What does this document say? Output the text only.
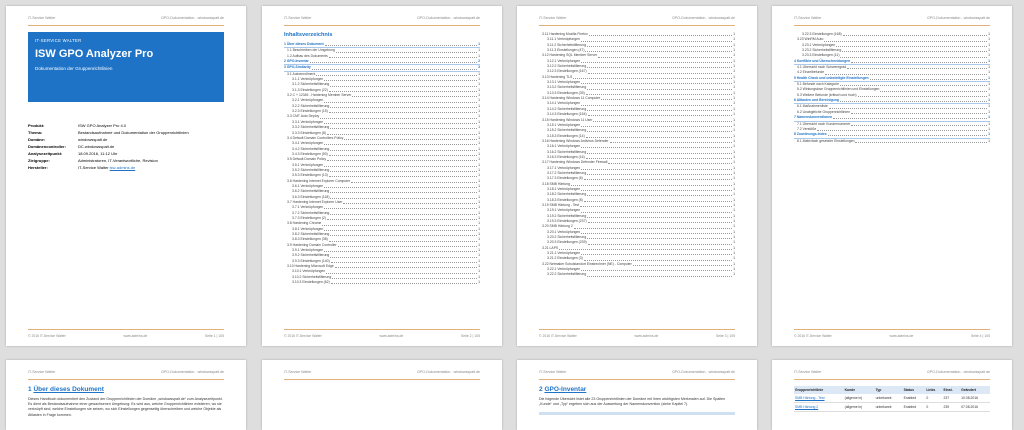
IT-Service Walter	GPO-Dokumentation - windowsspalt.de
IT-SERVICE WALTER
ISW GPO Analyzer Pro
Dokumentation der Gruppenrichtlinien
Produkt:	ISW GPO Analyzer Pro 4.0
Thema:	Bestandsaufnahme und Dokumentation der Gruppenrichtlinien
Domäne:	windowsspalt.de
Domänencontroller:	DC.windowsspalt.de
Analysezeitpunkt:	18.09.2016, 11:12 Uhr
Zielgruppe:	Administratoren, IT-Verantwortliche, Revision
Hersteller:	IT-Service Walter isw-admins.de
© 2016 IT-Service Walter	www.admins.de	Seite 1 | 105
IT-Service Walter	GPO-Dokumentation - windowsspalt.de
Inhaltsverzeichnis
1 Über dieses Dokument	1
1.1 Beschreiben der Umgebung	1
1.2 Aufbau des Dokuments	1
2 GPO-Inventar	2
3 GPO-Similarity	3
3.1 Autoenrollment	1
3.1.1 Verknüpfungen	1
3.1.2 Sicherheitsfilterung	1
3.1.3 Einstellungen (22)	1
3.2 C + 12345 - Hardening Member Server	1
3.2.1 Verknüpfungen	1
3.2.2 Sicherheitsfilterung	1
3.2.3 Einstellungen (15)	1
3.3 CMT Auto Deploy	1
3.3.1 Verknüpfungen	1
3.3.2 Sicherheitsfilterung	1
3.3.3 Einstellungen (8)	1
3.4 Default Domain Controllers Policy	1
3.4.1 Verknüpfungen	1
3.4.2 Sicherheitsfilterung	1
3.4.3 Einstellungen (50)	1
3.5 Default Domain Policy	1
3.5.1 Verknüpfungen	1
3.5.2 Sicherheitsfilterung	1
3.5.3 Einstellungen (13)	1
3.6 Hardening Internet Explorer Computer	1
3.6.1 Verknüpfungen	1
3.6.2 Sicherheitsfilterung	1
3.6.3 Einstellungen (118)	1
3.7 Hardening Internet Explorer User	1
3.7.1 Verknüpfungen	1
3.7.2 Sicherheitsfilterung	1
3.7.3 Einstellungen (2)	1
3.8 Hardening Chrome	1
3.8.1 Verknüpfungen	1
3.8.2 Sicherheitsfilterung	1
3.8.3 Einstellungen (38)	1
3.9 Hardening Domain Controller	1
3.9.1 Verknüpfungen	1
3.9.2 Sicherheitsfilterung	1
3.9.3 Einstellungen (140)	1
3.10 Hardening Microsoft Edge	1
3.10.1 Verknüpfungen	1
3.10.2 Sicherheitsfilterung	1
3.10.3 Einstellungen (62)	1
© 2016 IT-Service Walter	www.admins.de	Seite 2 | 105
IT-Service Walter	GPO-Dokumentation - windowsspalt.de
3.11 Hardening Mozilla Firefox	1
3.11.1 Verknüpfungen	1
3.11.2 Sicherheitsfilterung	1
3.11.3 Einstellungen (47)	1
3.12 Hardening SQL Member Server	1
3.12.1 Verknüpfungen	1
3.12.2 Sicherheitsfilterung	1
3.12.3 Einstellungen (167)	1
3.13 Hardening TLS	1
3.13.1 Verknüpfungen	1
3.13.2 Sicherheitsfilterung	1
3.13.3 Einstellungen (39)	1
3.14 Hardening Windows 11 Computer	1
3.14.1 Verknüpfungen	1
3.14.2 Sicherheitsfilterung	1
3.14.3 Einstellungen (154)	1
3.15 Hardening Windows 11 User	1
3.15.1 Verknüpfungen	1
3.15.2 Sicherheitsfilterung	1
3.15.3 Einstellungen (14)	1
3.16 Hardening Windows Antivirus Defender	1
3.16.1 Verknüpfungen	1
3.16.2 Sicherheitsfilterung	1
3.16.3 Einstellungen (16)	1
3.17 Hardening Windows Defender Firewall	1
3.17.1 Verknüpfungen	1
3.17.2 Sicherheitsfilterung	1
3.17.3 Einstellungen (6)	1
3.18 SMB Härtung	1
3.18.1 Verknüpfungen	1
3.18.2 Sicherheitsfilterung	1
3.18.3 Einstellungen (8)	1
3.19 SMB Härtung - Test	1
3.19.1 Verknüpfungen	1
3.19.2 Sicherheitsfilterung	1
3.19.3 Einstellungen (237)	1
3.20 SMB Härtung 2	1
3.20.1 Verknüpfungen	1
3.20.2 Sicherheitsfilterung	1
3.20.3 Einstellungen (239)	1
3.21 LAPS	1
3.21.1 Verknüpfungen	1
3.21.2 Einstellungen (3)	1
3.22 Netmaker Schulstandort Einstrechner (NE) - Computer	1
3.22.1 Verknüpfungen	1
3.22.2 Sicherheitsfilterung	1
© 2016 IT-Service Walter	www.admins.de	Seite 3 | 105
IT-Service Walter	GPO-Dokumentation - windowsspalt.de
3.22.3 Einstellungen (168)	1
3.23 WinRM Auto	1
3.23.1 Verknüpfungen	1
3.23.2 Sicherheitsfilterung	1
3.23.3 Einstellungen (11)	1
4 Konflikte und Überschneidungen	1
4.1 Übersicht nach Schweregrad	1
4.2 Einzelbefunde	1
5 Health Check und unbeteiligte Einstellungen	1
5.1 Befunde nach Kategorie	1
5.2 Wirkungslose Gruppenrichtlinien und Einstellungen	1
5.3 Weitere Befunde (kritisch und hoch)	1
6 Altlasten und Bereinigung	1
6.1 Maßnahmenliste	1
6.2 Unabgleiche Gruppenrichtlinien	1
7 Namenskonventionen	1
7.1 Übersicht nach Kundennummer	1
7.2 Verstöße	1
8 Zuordnungs-Index	1
8.1 Matrixfach gesetzter Einstellungen	1
© 2016 IT-Service Walter	www.admins.de	Seite 4 | 105
IT-Service Walter	GPO-Dokumentation - windowsspalt.de
1 Über dieses Dokument
Dieses Handbuch dokumentiert den Zustand der Gruppenrichtlinien der Domäne „windowsspalt.de“ zum Analysezeitpunkt. Es dient als Bestandsaufnahme einer gewachsenen Umgebung: Es wird aus, welche Gruppenrichtlinien existieren, wo sie verknüpft sind, welche Einstellungen sie setzen, wo sich Einstellungen gegenseitig überschreiben und welche Objekte als Altlasten in Frage kommen.
IT-Service Walter	GPO-Dokumentation - windowsspalt.de	IT-Service Walter	GPO-Dokumentation - windowsspalt.de
2 GPO-Inventar
Die folgende Übersicht listet alle 23 Gruppenrichtlinien der Domäne mit ihren wichtigsten Merkmalen auf. Die Spalten „Kunde“ und „Typ“ ergeben sich aus der Auswertung der Namenskonvention (siehe Kapitel 7).
IT-Service Walter	GPO-Dokumentation - windowsspalt.de
Gruppenrichtlinie	Kunde	Typ	Status	Links	Einst.	Geändert
SMB Härtung - Test	(allgeme in)	unbekannt	Enabled	0	237	10.08.2016
SMB Härtung 2	(allgeme in)	unbekannt	Enabled	0	239	07.08.2016
